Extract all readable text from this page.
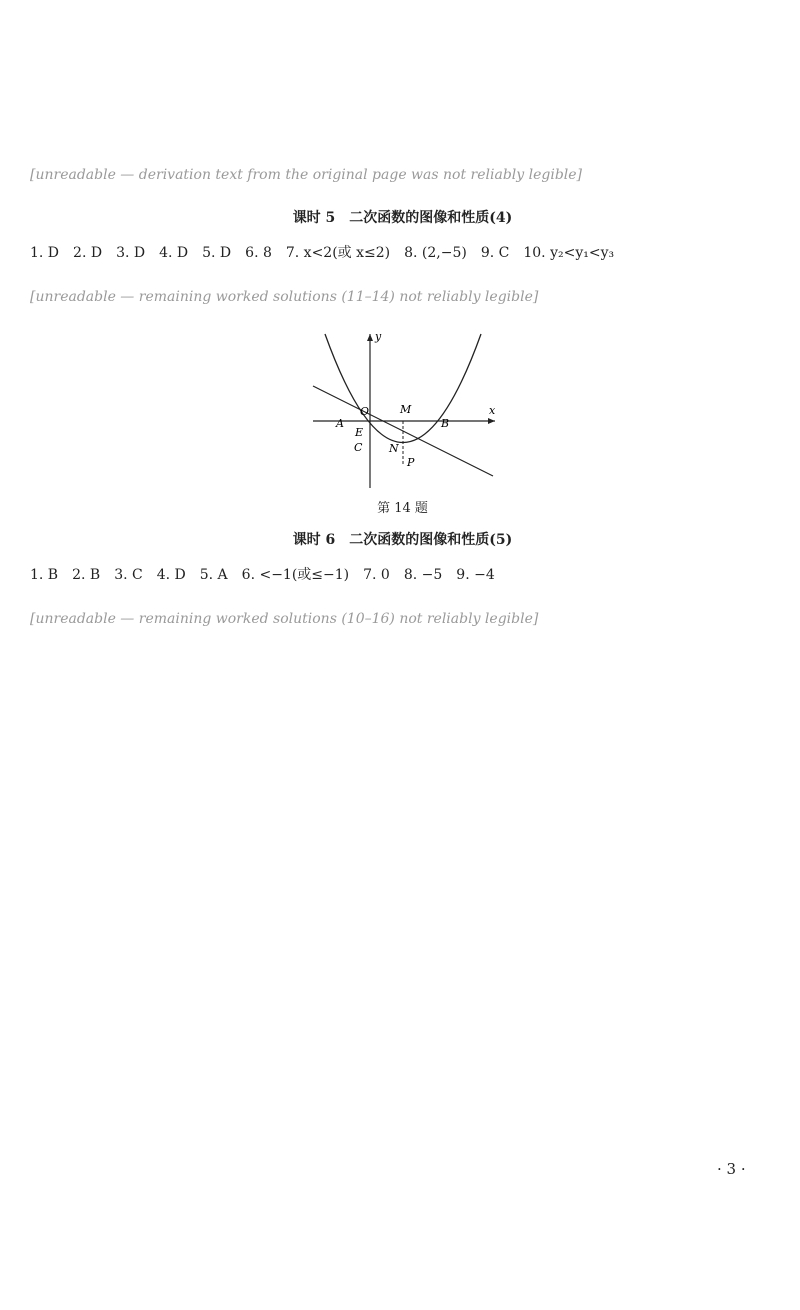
[unreadable — derivation text from the original page was not reliably legible]

课时 5　二次函数的图像和性质(4)

1. D　2. D　3. D　4. D　5. D　6. 8　7. x<2(或 x≤2)　8. (2,−5)　9. C　10. y₂<y₁<y₃

[unreadable — remaining worked solutions (11–14) not reliably legible]

y
x
O	M
A
E
B
C N
P
第 14 题
课时 6　二次函数的图像和性质(5)

1. B　2. B　3. C　4. D　5. A　6. <−1(或≤−1)　7. 0　8. −5　9. −4

[unreadable — remaining worked solutions (10–16) not reliably legible]

· 3 ·
